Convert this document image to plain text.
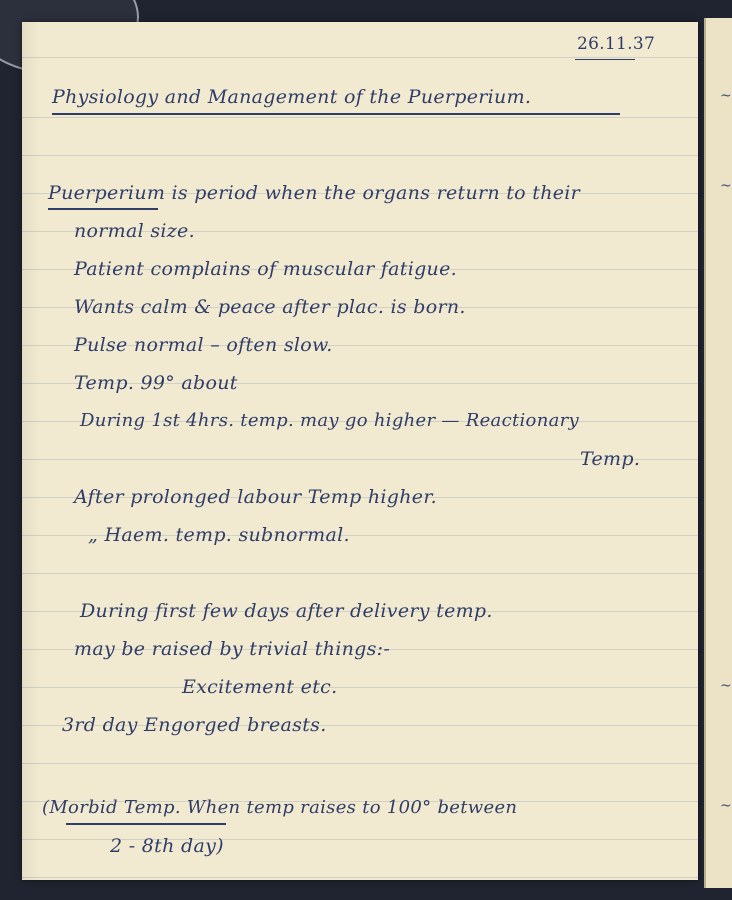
26.11.37

Physiology and Management of the Puerperium.

Puerperium is period when the organs return to their

normal size.

Patient complains of muscular fatigue.

Wants calm & peace after plac. is born.

Pulse normal – often slow.

Temp. 99° about

During 1st 4hrs. temp. may go higher — Reactionary

Temp.

After prolonged labour Temp higher.

„ Haem. temp. subnormal.

During first few days after delivery temp.

may be raised by trivial things:-

Excitement etc.

3rd day Engorged breasts.

(Morbid Temp. When temp raises to 100° between

2 - 8th day)

~
~
~
~
